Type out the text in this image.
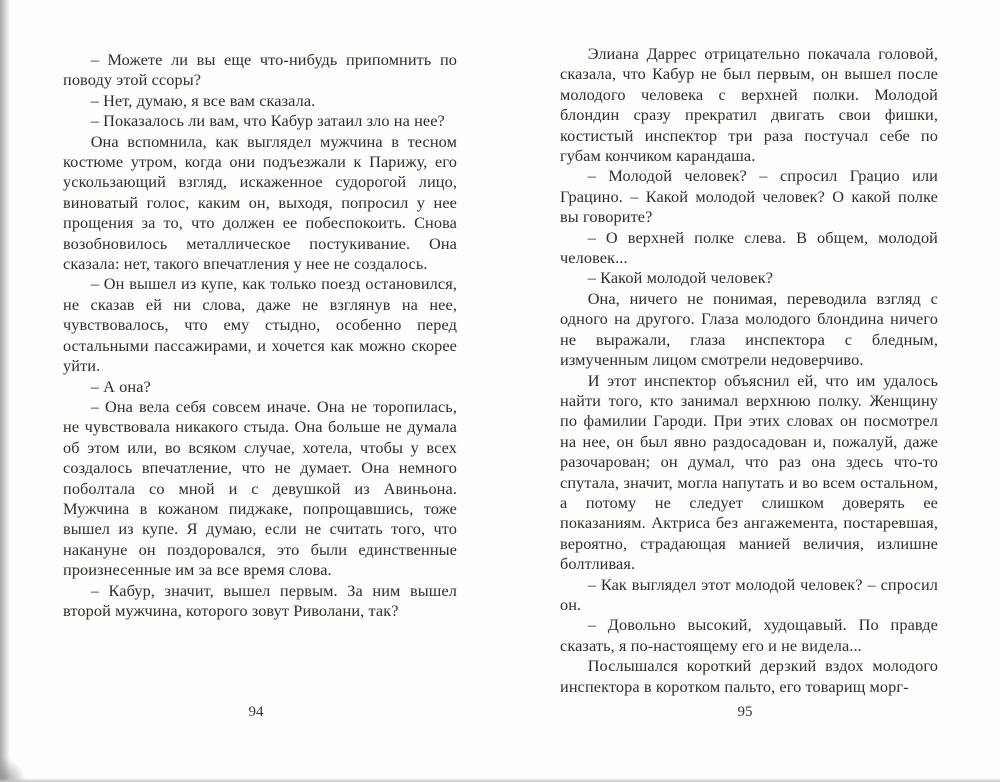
– Можете ли вы еще что-нибудь припомнить по поводу этой ссоры?

– Нет, думаю, я все вам сказала.

– Показалось ли вам, что Кабур затаил зло на нее?

Она вспомнила, как выглядел мужчина в тесном костюме утром, когда они подъезжали к Парижу, его ускользающий взгляд, искаженное судорогой лицо, виноватый голос, каким он, выходя, попросил у нее прощения за то, что должен ее побеспокоить. Снова возобновилось металлическое постукивание. Она сказала: нет, такого впечатления у нее не создалось.

– Он вышел из купе, как только поезд остановился, не сказав ей ни слова, даже не взглянув на нее, чувствовалось, что ему стыдно, особенно перед остальными пассажирами, и хочется как можно скорее уйти.

– А она?

– Она вела себя совсем иначе. Она не торопилась, не чувствовала никакого стыда. Она больше не думала об этом или, во всяком случае, хотела, чтобы у всех создалось впечатление, что не думает. Она немного поболтала со мной и с девушкой из Авиньона. Мужчина в кожаном пиджаке, попрощавшись, тоже вышел из купе. Я думаю, если не считать того, что накануне он поздоровался, это были единственные произнесенные им за все время слова.

– Кабур, значит, вышел первым. За ним вышел второй мужчина, которого зовут Риволани, так?

Элиана Даррес отрицательно покачала головой, сказала, что Кабур не был первым, он вышел после молодого человека с верхней полки. Молодой блондин сразу прекратил двигать свои фишки, костистый инспектор три раза постучал себе по губам кончиком карандаша.

– Молодой человек? – спросил Грацио или Грацино. – Какой молодой человек? О какой полке вы говорите?

– О верхней полке слева. В общем, молодой человек...

– Какой молодой человек?

Она, ничего не понимая, переводила взгляд с одного на другого. Глаза молодого блондина ничего не выражали, глаза инспектора с бледным, измученным лицом смотрели недоверчиво.

И этот инспектор объяснил ей, что им удалось найти того, кто занимал верхнюю полку. Женщину по фамилии Гароди. При этих словах он посмотрел на нее, он был явно раздосадован и, пожалуй, даже разочарован; он думал, что раз она здесь что-то спутала, значит, могла напутать и во всем остальном, а потому не следует слишком доверять ее показаниям. Актриса без ангажемента, постаревшая, вероятно, страдающая манией величия, излишне болтливая.

– Как выглядел этот молодой человек? – спросил он.

– Довольно высокий, худощавый. По правде сказать, я по-настоящему его и не видела...

Послышался короткий дерзкий вздох молодого инспектора в коротком пальто, его товарищ морг-

94	95
